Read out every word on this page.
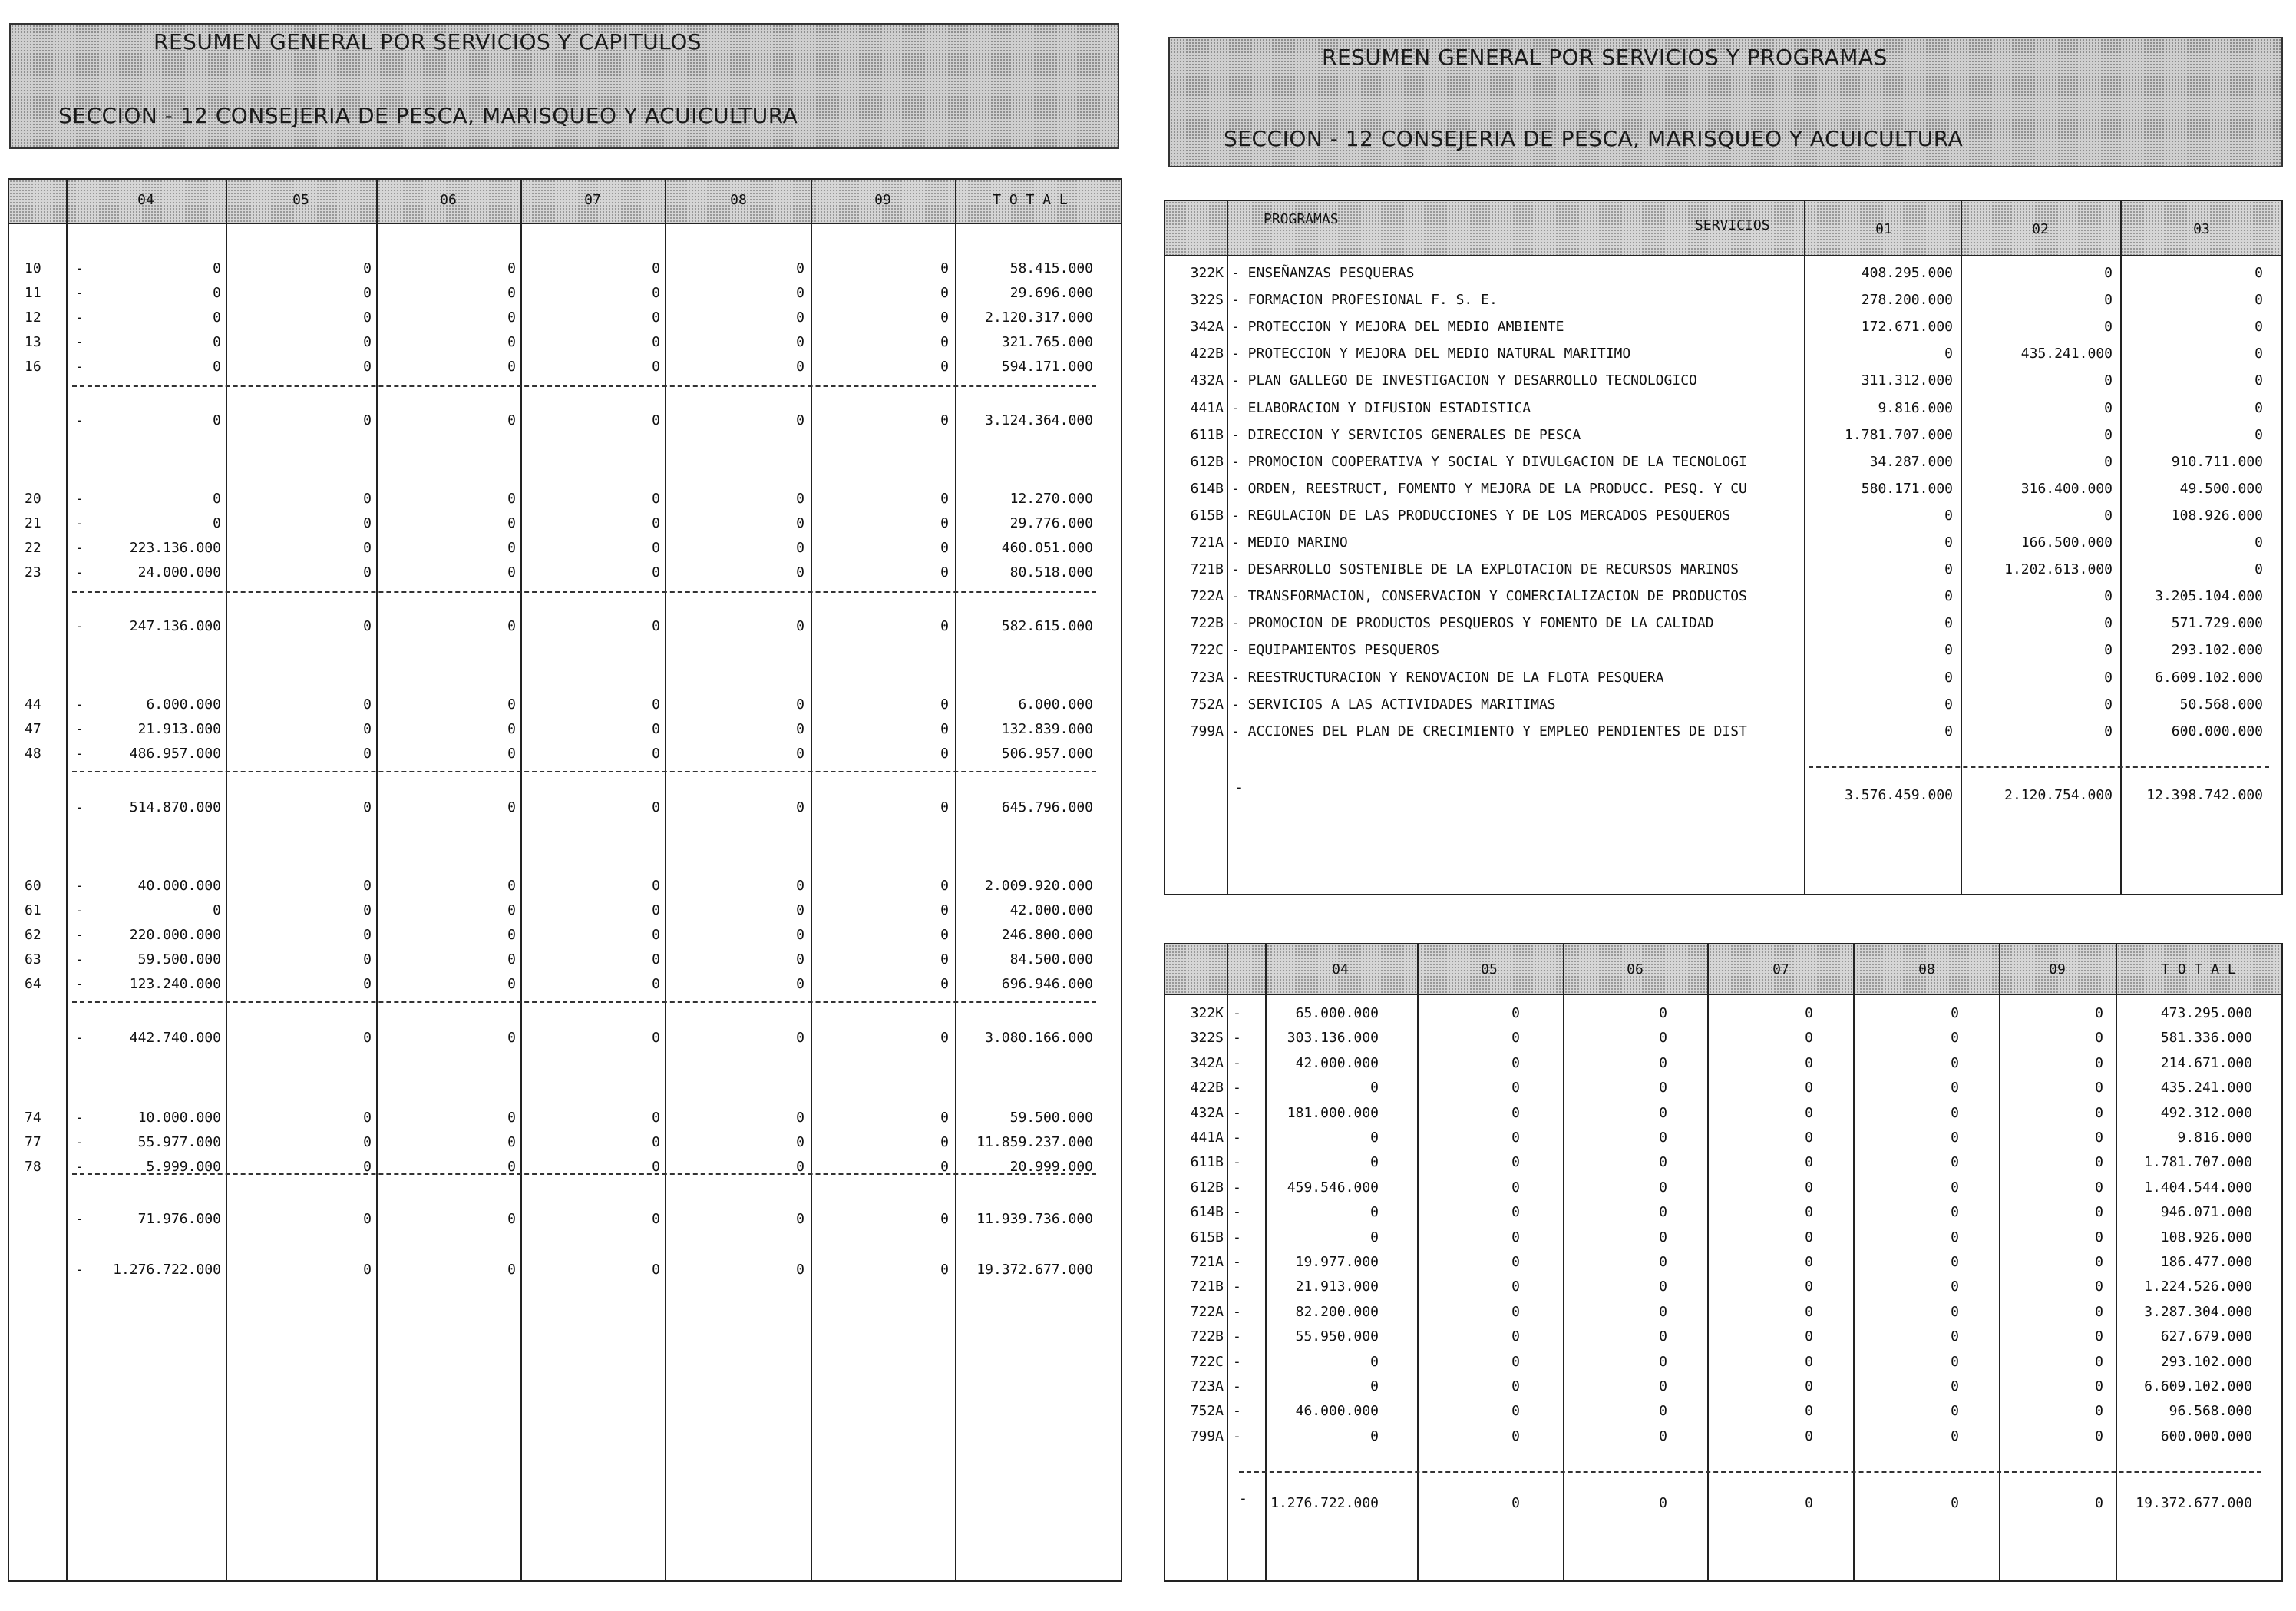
RESUMEN GENERAL POR SERVICIOS Y CAPITULOS
SECCION - 12 CONSEJERIA DE PESCA, MARISQUEO Y ACUICULTURA
RESUMEN GENERAL POR SERVICIOS Y PROGRAMAS
SECCION - 12 CONSEJERIA DE PESCA, MARISQUEO Y ACUICULTURA
04	05	06	07	08	09	T O T A L
10 -	0	0	0	0	0	0	58.415.000
11 -	0	0	0	0	0	0	29.696.000
12 -	0	0	0	0	0	0	2.120.317.000
13 -	0	0	0	0	0	0	321.765.000
16 -	0	0	0	0	0	0	594.171.000
-	0	0	0	0	0	0	3.124.364.000
20 -	0	0	0	0	0	0	12.270.000
21 -	0	0	0	0	0	0	29.776.000
22 -	223.136.000	0	0	0	0	0	460.051.000
23 -	24.000.000	0	0	0	0	0	80.518.000
-	247.136.000	0	0	0	0	0	582.615.000
44 -	6.000.000	0	0	0	0	0	6.000.000
47 -	21.913.000	0	0	0	0	0	132.839.000
48 -	486.957.000	0	0	0	0	0	506.957.000
-	514.870.000	0	0	0	0	0	645.796.000
60 -	40.000.000	0	0	0	0	0	2.009.920.000
61 -	0	0	0	0	0	0	42.000.000
62 -	220.000.000	0	0	0	0	0	246.800.000
63 -	59.500.000	0	0	0	0	0	84.500.000
64 -	123.240.000	0	0	0	0	0	696.946.000
-	442.740.000	0	0	0	0	0	3.080.166.000
74 -	10.000.000	0	0	0	0	0	59.500.000
77 -	55.977.000	0	0	0	0	0	11.859.237.000
78 -	5.999.000	0	0	0	0	0	20.999.000
-	71.976.000	0	0	0	0	0	11.939.736.000
-	1.276.722.000	0	0	0	0	0	19.372.677.000
PROGRAMAS	SERVICIOS	01	02	03
322K - ENSEÑANZAS PESQUERAS	408.295.000	0	0
322S - FORMACION PROFESIONAL F. S. E.	278.200.000	0	0
342A - PROTECCION Y MEJORA DEL MEDIO AMBIENTE	172.671.000	0	0
422B - PROTECCION Y MEJORA DEL MEDIO NATURAL MARITIMO	0	435.241.000	0
432A - PLAN GALLEGO DE INVESTIGACION Y DESARROLLO TECNOLOGICO	311.312.000	0	0
441A - ELABORACION Y DIFUSION ESTADISTICA	9.816.000	0	0
611B - DIRECCION Y SERVICIOS GENERALES DE PESCA	1.781.707.000	0	0
612B - PROMOCION COOPERATIVA Y SOCIAL Y DIVULGACION DE LA TECNOLOGI	34.287.000	0	910.711.000
614B - ORDEN, REESTRUCT, FOMENTO Y MEJORA DE LA PRODUCC. PESQ. Y CU	580.171.000	316.400.000	49.500.000
615B - REGULACION DE LAS PRODUCCIONES Y DE LOS MERCADOS PESQUEROS	0	0	108.926.000
721A - MEDIO MARINO	0	166.500.000	0
721B - DESARROLLO SOSTENIBLE DE LA EXPLOTACION DE RECURSOS MARINOS	0	1.202.613.000	0
722A - TRANSFORMACION, CONSERVACION Y COMERCIALIZACION DE PRODUCTOS	0	0	3.205.104.000
722B - PROMOCION DE PRODUCTOS PESQUEROS Y FOMENTO DE LA CALIDAD	0	0	571.729.000
722C - EQUIPAMIENTOS PESQUEROS	0	0	293.102.000
723A - REESTRUCTURACION Y RENOVACION DE LA FLOTA PESQUERA	0	0	6.609.102.000
752A - SERVICIOS A LAS ACTIVIDADES MARITIMAS	0	0	50.568.000
799A - ACCIONES DEL PLAN DE CRECIMIENTO Y EMPLEO PENDIENTES DE DIST	0	0	600.000.000
-	3.576.459.000	2.120.754.000	12.398.742.000
04	05	06	07	08	09	T O T A L
322K -	65.000.000	0	0	0	0	0	473.295.000
322S -	303.136.000	0	0	0	0	0	581.336.000
342A -	42.000.000	0	0	0	0	0	214.671.000
422B -	0	0	0	0	0	0	435.241.000
432A -	181.000.000	0	0	0	0	0	492.312.000
441A -	0	0	0	0	0	0	9.816.000
611B -	0	0	0	0	0	0	1.781.707.000
612B -	459.546.000	0	0	0	0	0	1.404.544.000
614B -	0	0	0	0	0	0	946.071.000
615B -	0	0	0	0	0	0	108.926.000
721A -	19.977.000	0	0	0	0	0	186.477.000
721B -	21.913.000	0	0	0	0	0	1.224.526.000
722A -	82.200.000	0	0	0	0	0	3.287.304.000
722B -	55.950.000	0	0	0	0	0	627.679.000
722C -	0	0	0	0	0	0	293.102.000
723A -	0	0	0	0	0	0	6.609.102.000
752A -	46.000.000	0	0	0	0	0	96.568.000
799A -	0	0	0	0	0	0	600.000.000
-	1.276.722.000	0	0	0	0	0	19.372.677.000
